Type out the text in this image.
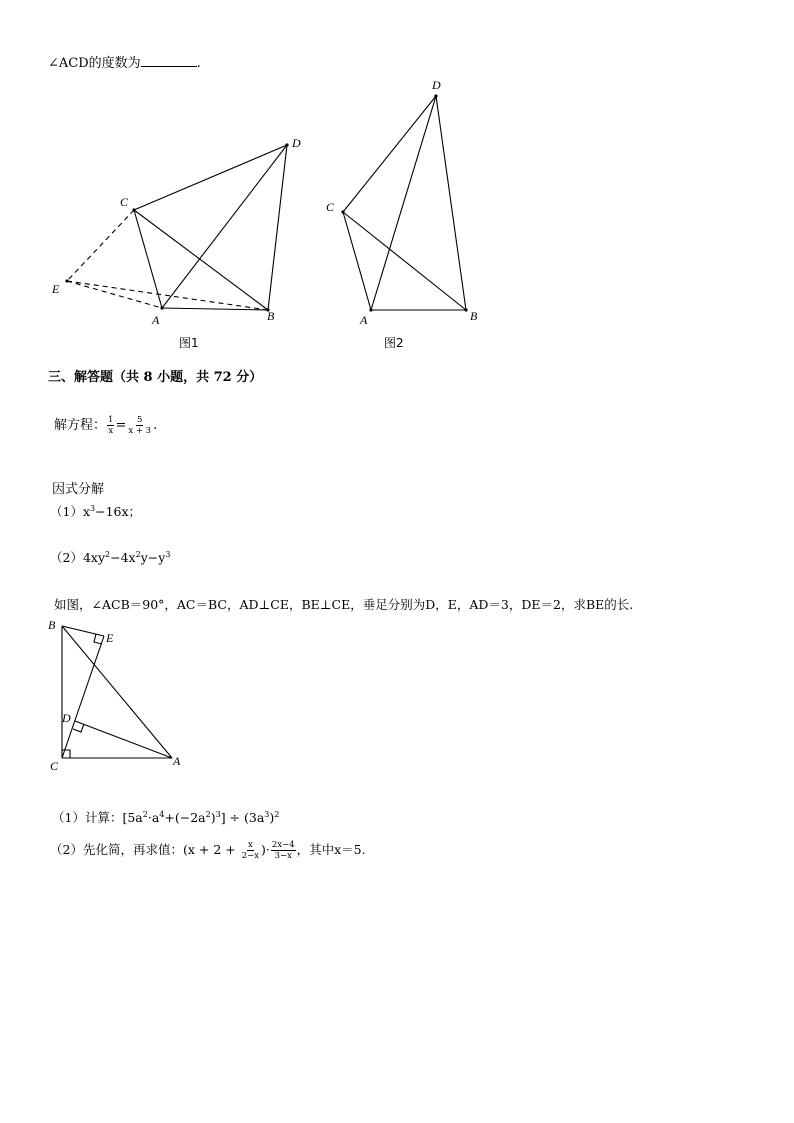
∠ACD的度数为	.
C
D
E
A	B
图1
D
C
A	B
图2
三、解答题（共 8 小题，共 72 分）
解方程： $\frac{1}{x} = \frac{5}{x + 3}$ .
因式分解
$(1)x^3-16x$；
$(2)4xy^2-4x^2y-y^3$
如图，∠ACB＝90°，AC＝BC，AD⊥CE，BE⊥CE，垂足分别为D，E，AD＝3，DE＝2，求BE的长.
B
E
D
C	A
（1）计算：$[5a^2\cdot a^4+(-2a^2)^3] \div (3a^3)^2$
（2）先化简，再求值：($x + 2 + \frac{x}{2-x}$ )· $\frac{2x-4}{3-x}$ ，其中x＝5.
